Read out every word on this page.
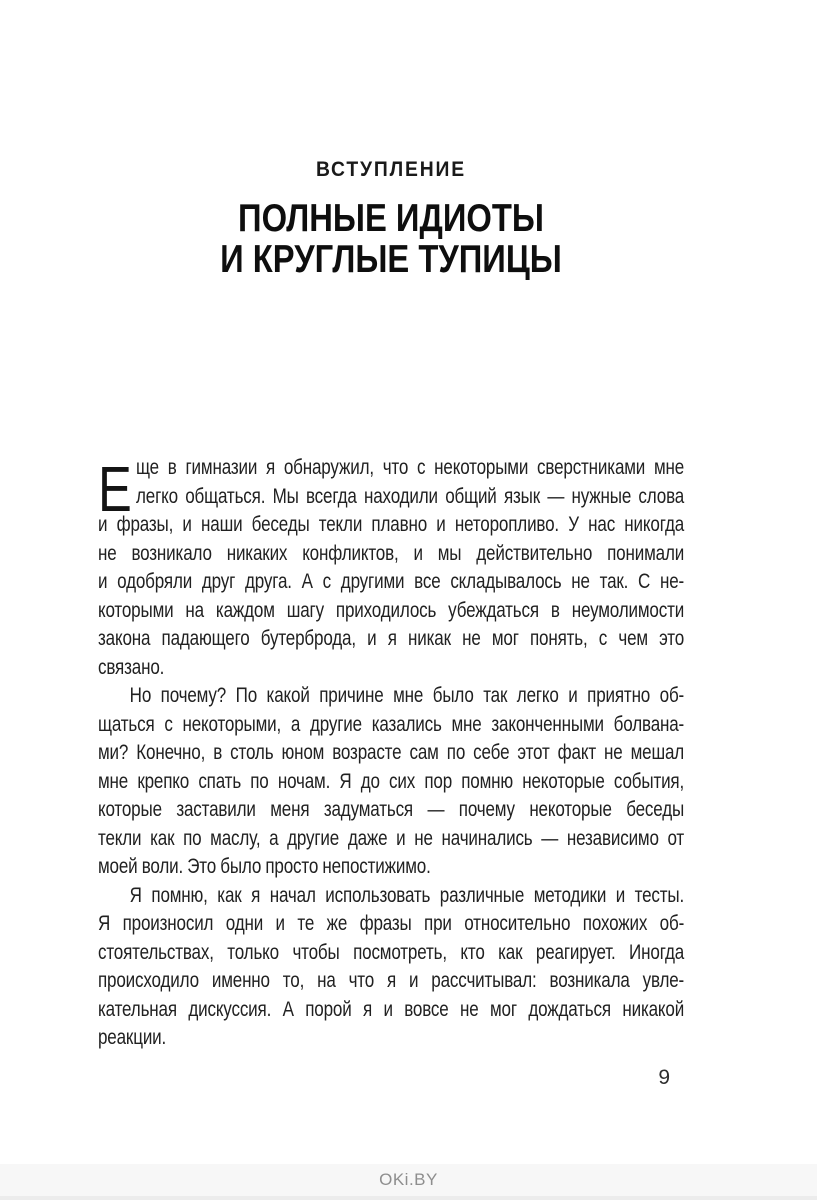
ВСТУПЛЕНИЕ
ПОЛНЫЕ ИДИОТЫ
И КРУГЛЫЕ ТУПИЦЫ
Е ще в гимназии я обнаружил, что с некоторыми сверстниками мне
легко общаться. Мы всегда находили общий язык — нужные слова
и фразы, и наши беседы текли плавно и неторопливо. У нас никогда
не возникало никаких конфликтов, и мы действительно понимали
и одобряли друг друга. А с другими все складывалось не так. С не-
которыми на каждом шагу приходилось убеждаться в неумолимости
закона падающего бутерброда, и я никак не мог понять, с чем это
связано.
Но почему? По какой причине мне было так легко и приятно об-
щаться с некоторыми, а другие казались мне законченными болвана-
ми? Конечно, в столь юном возрасте сам по себе этот факт не мешал
мне крепко спать по ночам. Я до сих пор помню некоторые события,
которые заставили меня задуматься — почему некоторые беседы
текли как по маслу, а другие даже и не начинались — независимо от
моей воли. Это было просто непостижимо.
Я помню, как я начал использовать различные методики и тесты.
Я произносил одни и те же фразы при относительно похожих об-
стоятельствах, только чтобы посмотреть, кто как реагирует. Иногда
происходило именно то, на что я и рассчитывал: возникала увле-
кательная дискуссия. А порой я и вовсе не мог дождаться никакой
реакции.
9
OKi.BY
